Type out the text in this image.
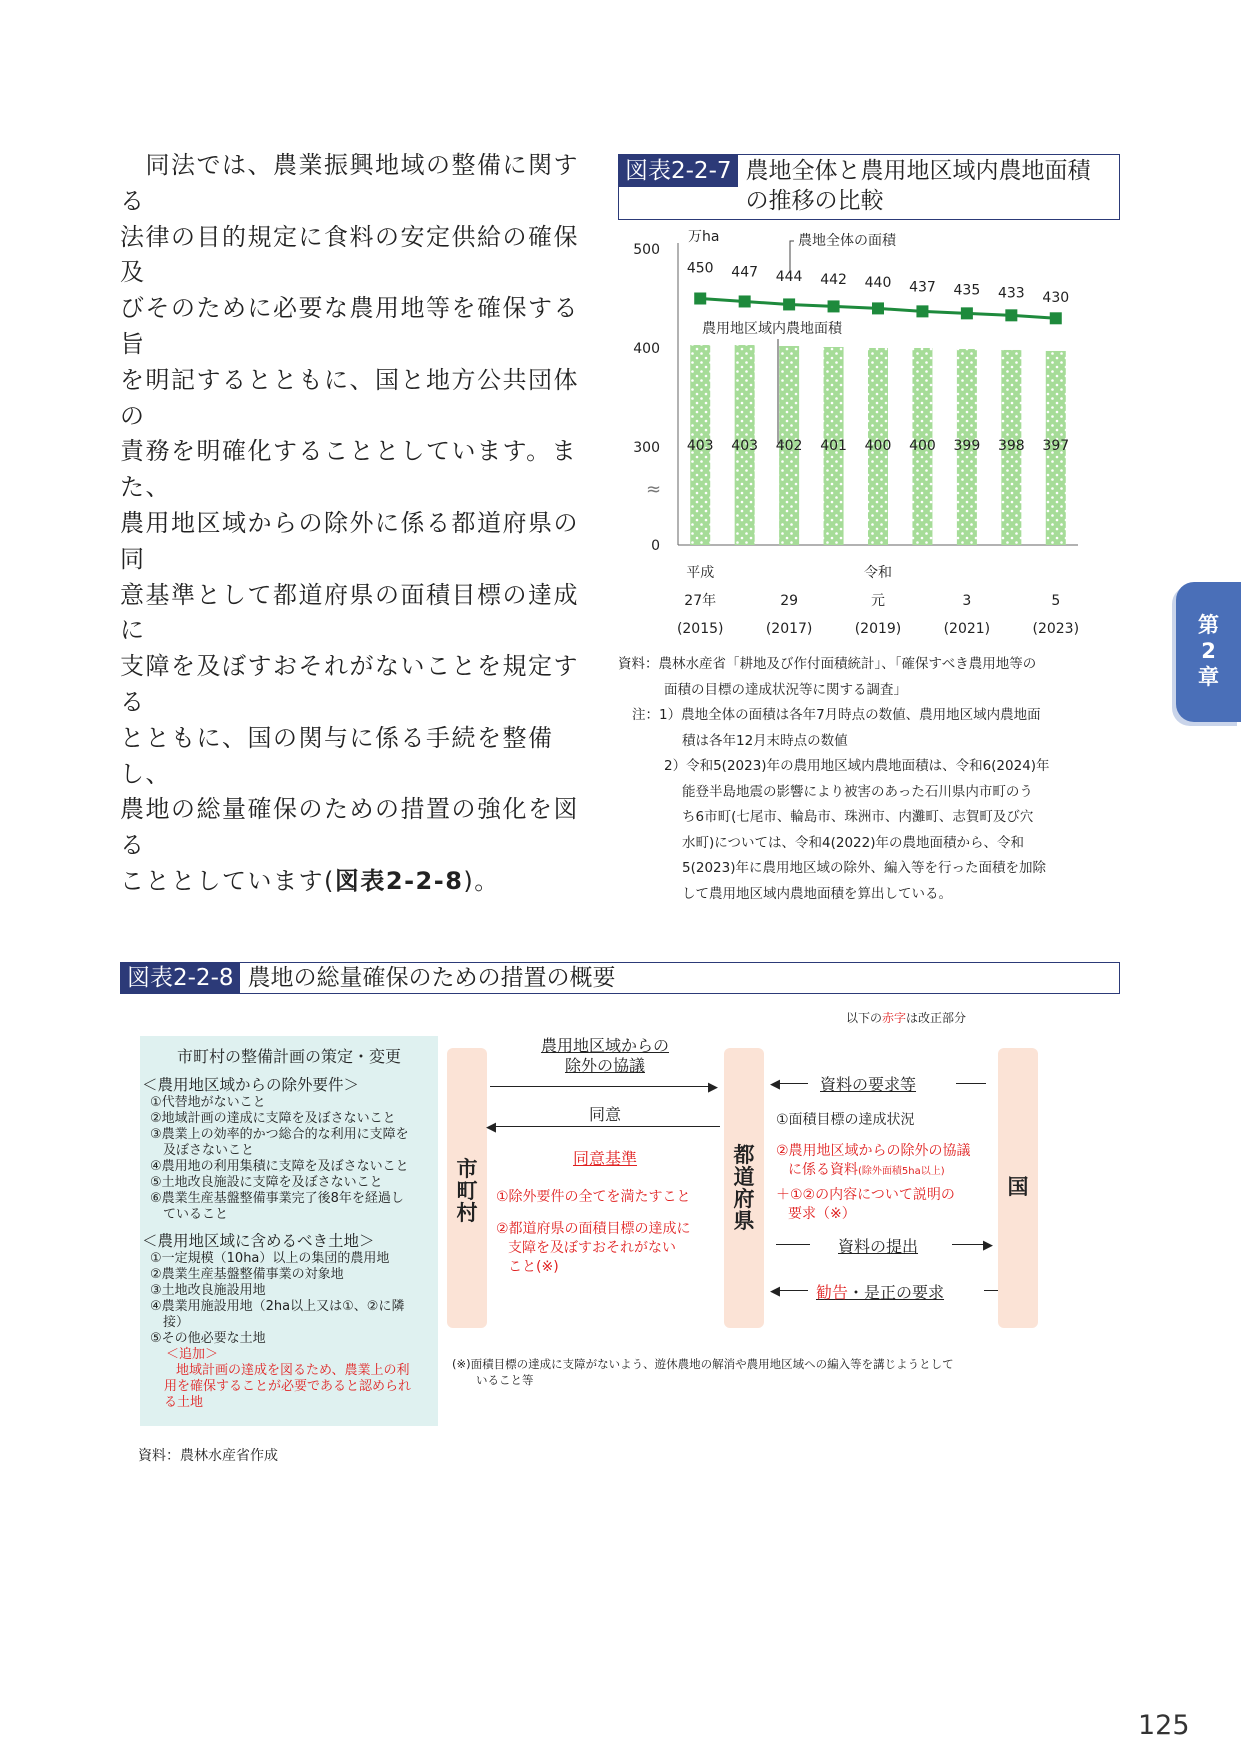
　同法では、農業振興地域の整備に関する

法律の目的規定に食料の安定供給の確保及

びそのために必要な農用地等を確保する旨

を明記するとともに、国と地方公共団体の

責務を明確化することとしています。また、

農用地区域からの除外に係る都道府県の同

意基準として都道府県の面積目標の達成に

支障を及ぼすおそれがないことを規定する

とともに、国の関与に係る手続を整備し、

農地の総量確保のための措置の強化を図る

こととしています(図表2-2-8)。

図表2-2-7 農地全体と農用地区域内農地面積
の推移の比較
0
300
400
500
万ha
≈
450 447 444 442 440 437 435 433 430
403 403 402 401 400 400 399 398 397
農地全体の面積
農用地区域内農地面積
平成
27年
(2015)
29
(2017)
令和
元
(2019)
3
(2021)
5
(2023)
資料：農林水産省「耕地及び作付面積統計」、「確保すべき農用地等の
面積の目標の達成状況等に関する調査」
注：1）農地全体の面積は各年7月時点の数値、農用地区域内農地面
積は各年12月末時点の数値
2）令和5(2023)年の農用地区域内農地面積は、令和6(2024)年
能登半島地震の影響により被害のあった石川県内市町のう
ち6市町(七尾市、輪島市、珠洲市、内灘町、志賀町及び穴
水町)については、令和4(2022)年の農地面積から、令和
5(2023)年に農用地区域の除外、編入等を行った面積を加除
して農用地区域内農地面積を算出している。
第
2
章
図表2-2-8 農地の総量確保のための措置の概要
以下の赤字は改正部分
市町村の整備計画の策定・変更
＜農用地区域からの除外要件＞
①代替地がないこと
②地域計画の達成に支障を及ぼさないこと
③農業上の効率的かつ総合的な利用に支障を
　及ぼさないこと
④農用地の利用集積に支障を及ぼさないこと
⑤土地改良施設に支障を及ぼさないこと
⑥農業生産基盤整備事業完了後8年を経過し
　ていること
＜農用地区域に含めるべき土地＞
①一定規模（10ha）以上の集団的農用地
②農業生産基盤整備事業の対象地
③土地改良施設用地
④農業用施設用地（2ha以上又は①、②に隣
　接）
⑤その他必要な土地
＜追加＞
地域計画の達成を図るため、農業上の利
用を確保することが必要であると認められ
る土地
市
町
村
都
道
府
県
国
農用地区域からの
除外の協議
▶
同意
◀
同意基準
①除外要件の全てを満たすこと
②都道府県の面積目標の達成に
支障を及ぼすおそれがない
こと(※)
◀	資料の要求等
①面積目標の達成状況
②農用地区域からの除外の協議
に係る資料(除外面積5ha以上)
＋①②の内容について説明の
要求（※）
資料の提出	▶
◀ 勧告・是正の要求
(※)面積目標の達成に支障がないよう、遊休農地の解消や農用地区域への編入等を講じようとして
いること等
資料：農林水産省作成
125
